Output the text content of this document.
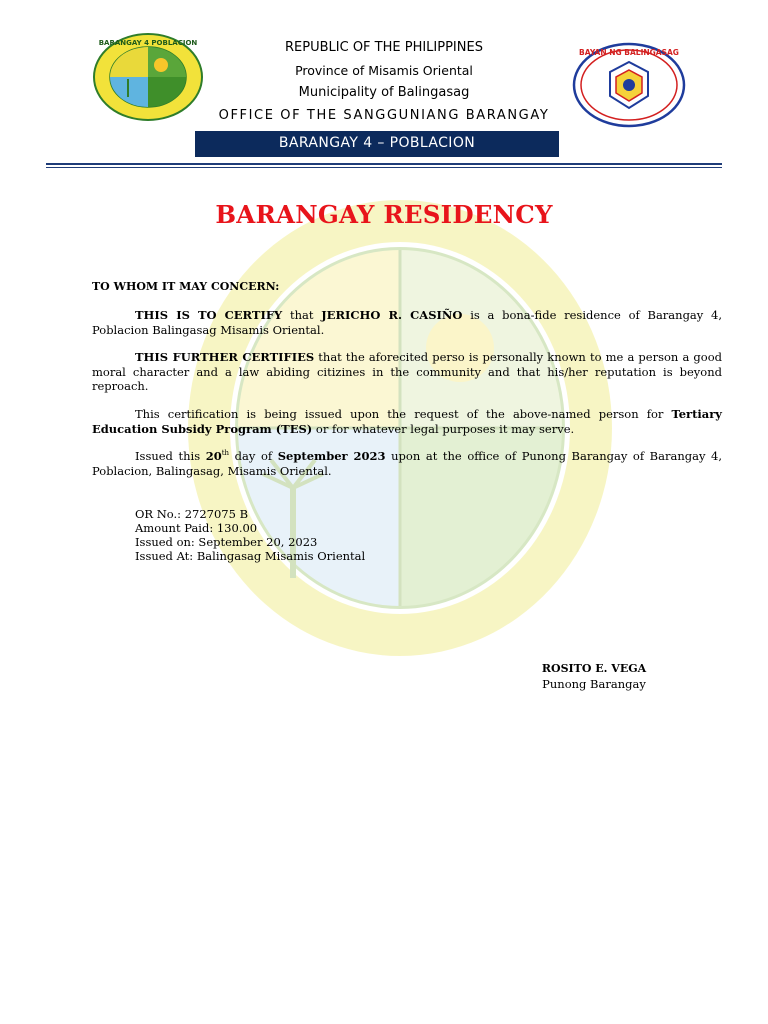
BARANGAY 4 POBLACION
BAYAN NG BALINGASAG
REPUBLIC OF THE PHILIPPINES
Province of Misamis Oriental
Municipality of Balingasag
OFFICE OF THE SANGGUNIANG BARANGAY
BARANGAY 4 – POBLACION
BARANGAY RESIDENCY
TO WHOM IT MAY CONCERN:
THIS IS TO CERTIFY that JERICHO R. CASIÑO is a bona-fide residence of Barangay 4, Poblacion Balingasag Misamis Oriental.
THIS FURTHER CERTIFIES that the aforecited perso is personally known to me a person a good moral character and a law abiding citizines in the community and that his/her reputation is beyond reproach.
This certification is being issued upon the request of the above-named person for Tertiary Education Subsidy Program (TES) or for whatever legal purposes it may serve.
Issued this 20th day of September 2023 upon at the office of Punong Barangay of Barangay 4, Poblacion, Balingasag, Misamis Oriental.
OR No.: 2727075 B
Amount Paid: 130.00
Issued on: September 20, 2023
Issued At: Balingasag Misamis Oriental
ROSITO E. VEGA
Punong Barangay
